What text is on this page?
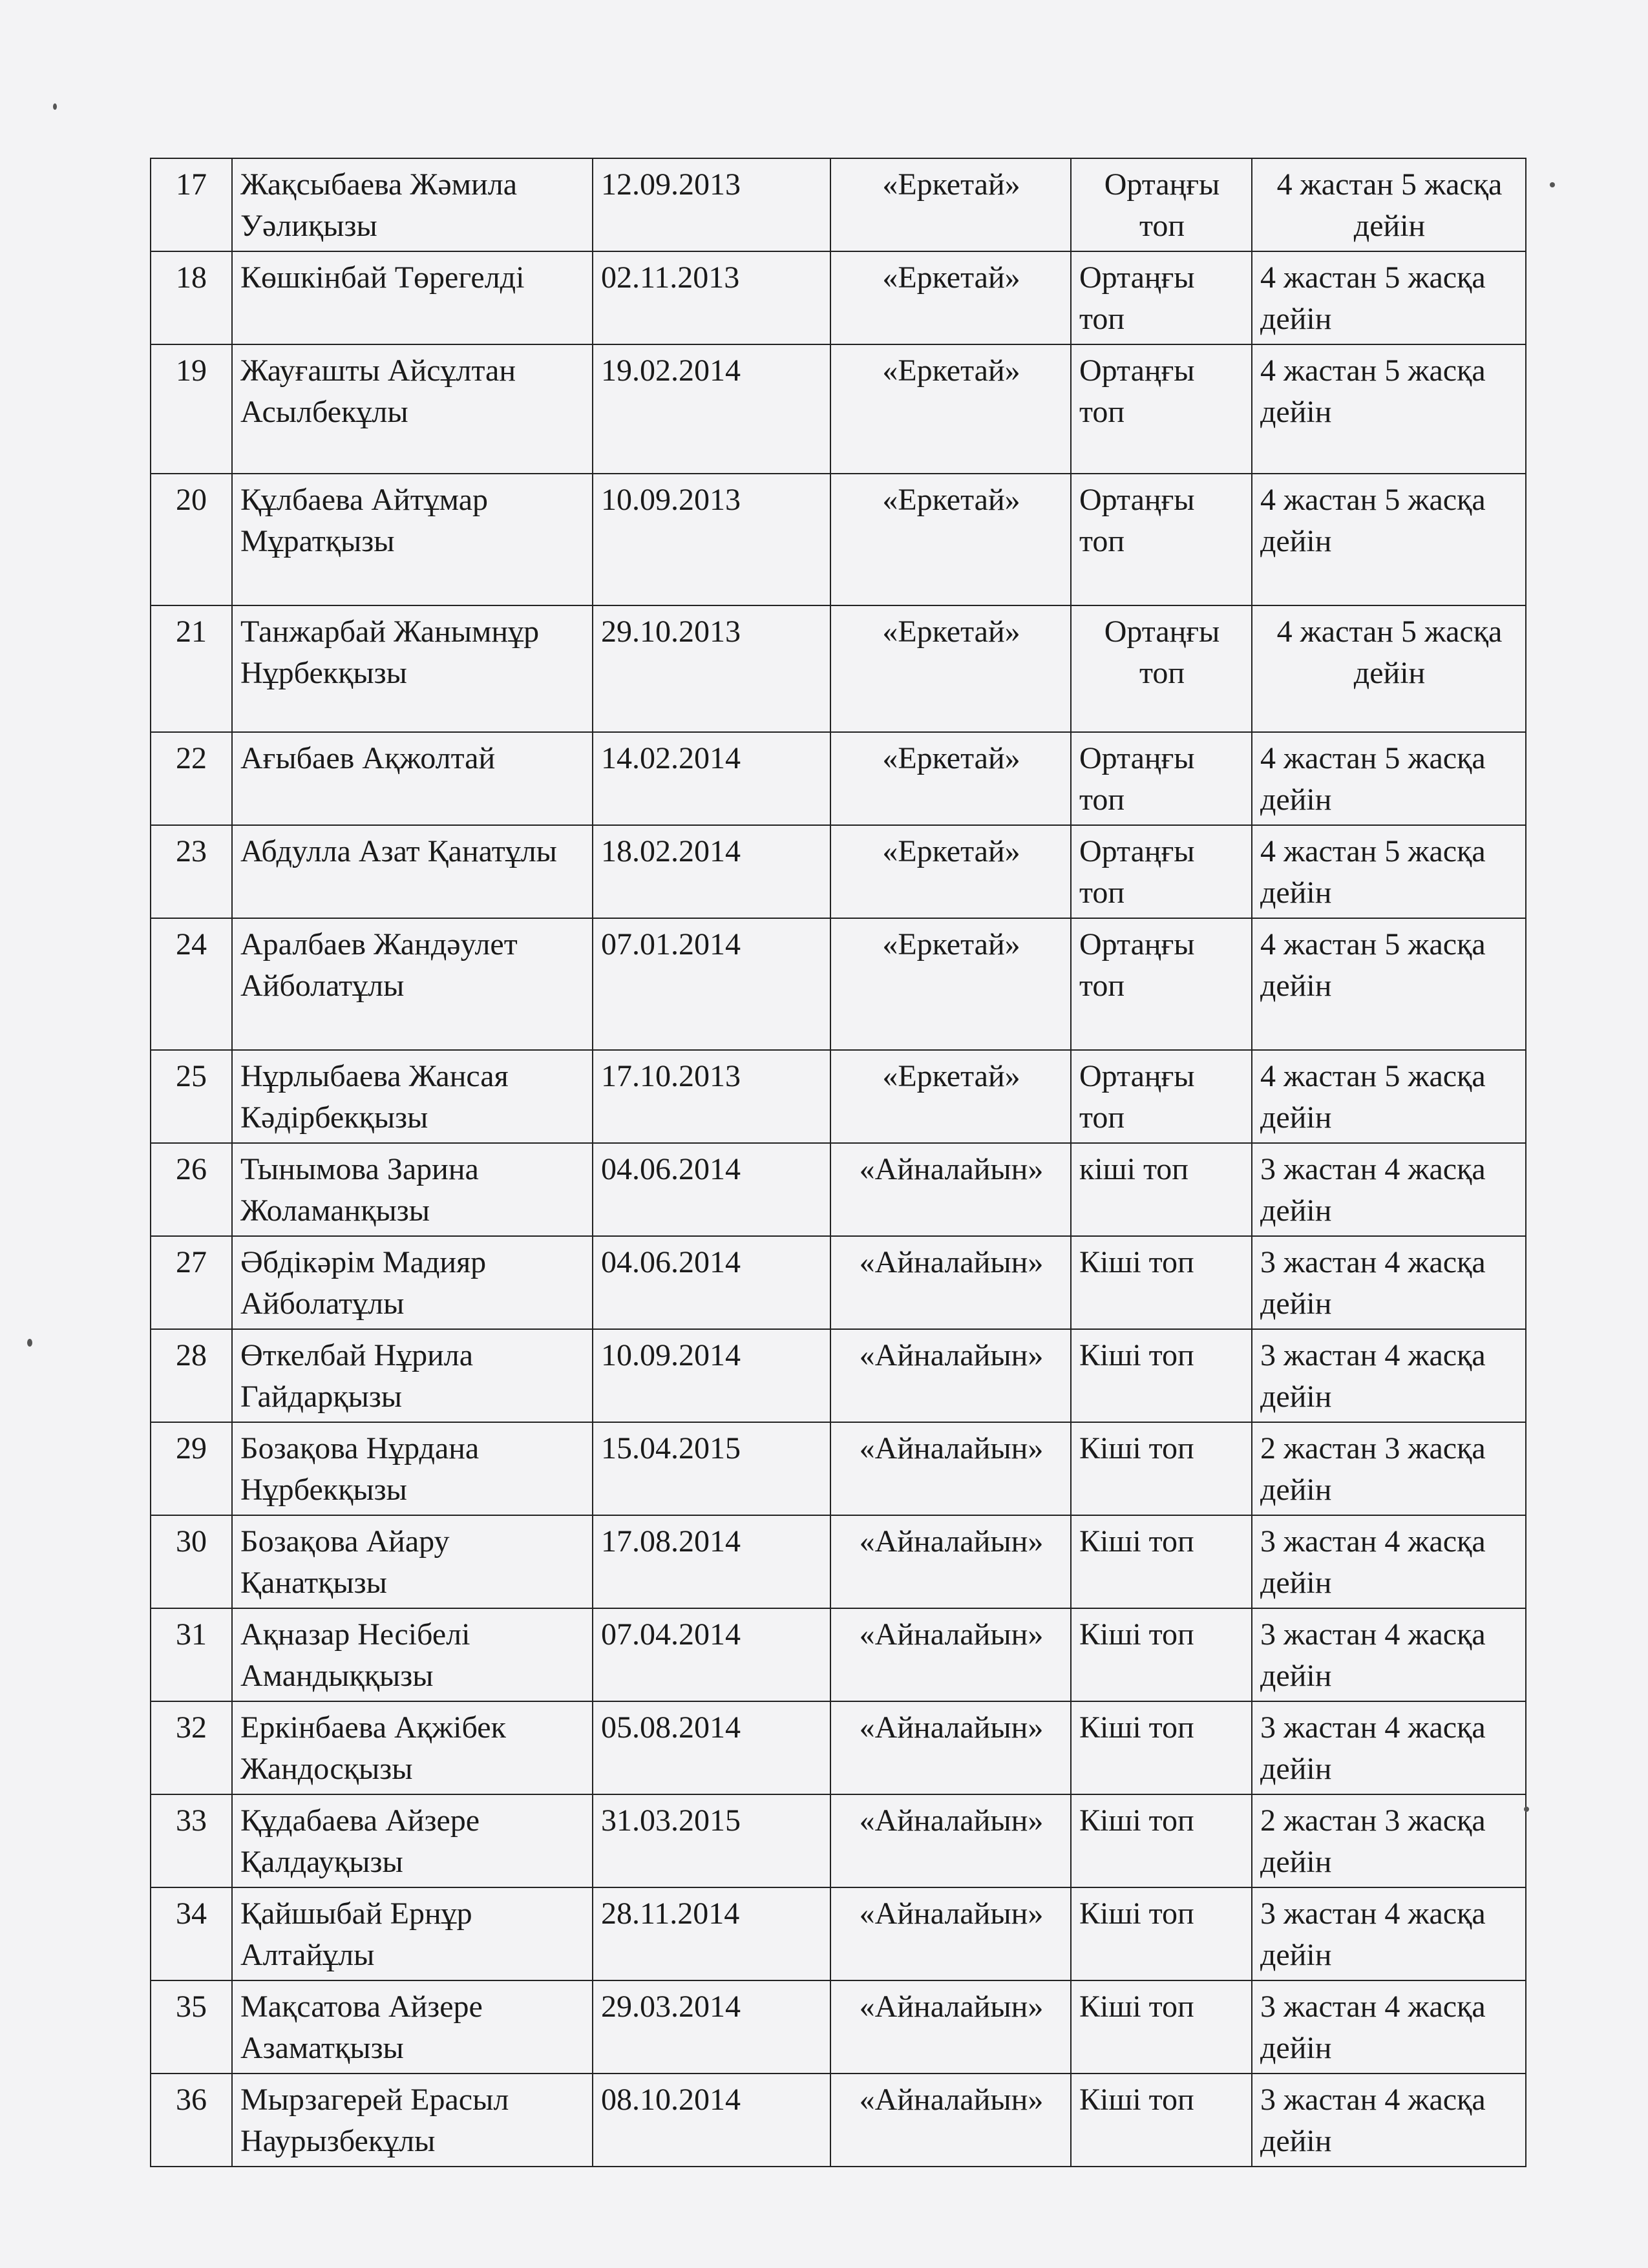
17	Жақсыбаева Жәмила Уәлиқызы	12.09.2013	«Еркетай»	Ортаңғы топ	4 жастан 5 жасқа дейін
18	Көшкінбай Төрегелді	02.11.2013	«Еркетай»	Ортаңғы топ	4 жастан 5 жасқа дейін
19	Жауғашты Айсұлтан Асылбекұлы	19.02.2014	«Еркетай»	Ортаңғы топ	4 жастан 5 жасқа дейін
20	Құлбаева Айтұмар Мұратқызы	10.09.2013	«Еркетай»	Ортаңғы топ	4 жастан 5 жасқа дейін
21	Танжарбай Жанымнұр Нұрбекқызы	29.10.2013	«Еркетай»	Ортаңғы топ	4 жастан 5 жасқа дейін
22	Ағыбаев Ақжолтай	14.02.2014	«Еркетай»	Ортаңғы топ	4 жастан 5 жасқа дейін
23	Абдулла Азат Қанатұлы	18.02.2014	«Еркетай»	Ортаңғы топ	4 жастан 5 жасқа дейін
24	Аралбаев Жандәулет Айболатұлы	07.01.2014	«Еркетай»	Ортаңғы топ	4 жастан 5 жасқа дейін
25	Нұрлыбаева Жансая Кәдірбекқызы	17.10.2013	«Еркетай»	Ортаңғы топ	4 жастан 5 жасқа дейін
26	Тынымова Зарина Жоламанқызы	04.06.2014	«Айналайын»	кіші топ	3 жастан 4 жасқа дейін
27	Әбдікәрім Мадияр Айболатұлы	04.06.2014	«Айналайын»	Кіші топ	3 жастан 4 жасқа дейін
28	Өткелбай Нұрила Гайдарқызы	10.09.2014	«Айналайын»	Кіші топ	3 жастан 4 жасқа дейін
29	Бозақова Нұрдана Нұрбекқызы	15.04.2015	«Айналайын»	Кіші топ	2 жастан 3 жасқа дейін
30	Бозақова Айару Қанатқызы	17.08.2014	«Айналайын»	Кіші топ	3 жастан 4 жасқа дейін
31	Ақназар Несібелі Амандыққызы	07.04.2014	«Айналайын»	Кіші топ	3 жастан 4 жасқа дейін
32	Еркінбаева Ақжібек Жандосқызы	05.08.2014	«Айналайын»	Кіші топ	3 жастан 4 жасқа дейін
33	Құдабаева Айзере Қалдауқызы	31.03.2015	«Айналайын»	Кіші топ	2 жастан 3 жасқа дейін
34	Қайшыбай Ернұр Алтайұлы	28.11.2014	«Айналайын»	Кіші топ	3 жастан 4 жасқа дейін
35	Мақсатова Айзере Азаматқызы	29.03.2014	«Айналайын»	Кіші топ	3 жастан 4 жасқа дейін
36	Мырзагерей Ерасыл Наурызбекұлы	08.10.2014	«Айналайын»	Кіші топ	3 жастан 4 жасқа дейін
